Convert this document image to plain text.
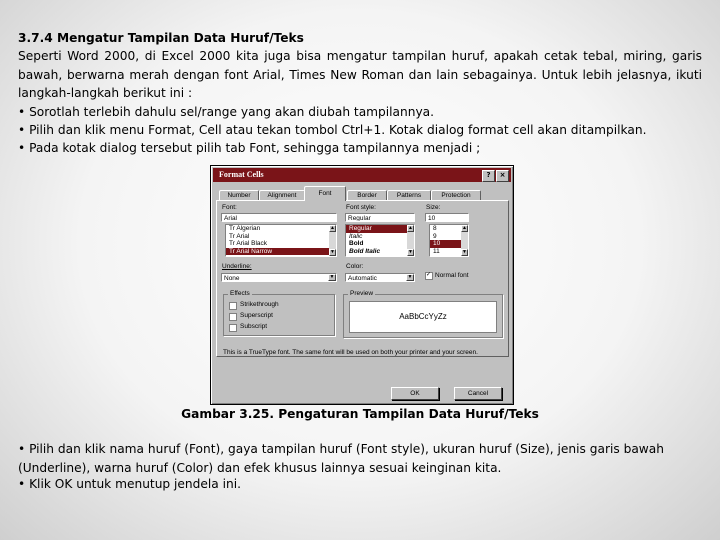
3.7.4 Mengatur Tampilan Data Huruf/Teks
Seperti Word 2000, di Excel 2000 kita juga bisa mengatur tampilan huruf, apakah cetak tebal, miring, garis bawah, berwarna merah dengan font Arial, Times New Roman dan lain sebagainya. Untuk lebih jelasnya, ikuti langkah-langkah berikut ini :
• Sorotlah terlebih dahulu sel/range yang akan diubah tampilannya.
• Pilih dan klik menu Format, Cell atau tekan tombol Ctrl+1. Kotak dialog format cell akan ditampilkan.
• Pada kotak dialog tersebut pilih tab Font, sehingga tampilannya menjadi ;
Format Cells	?	×
Number	Alignment	Font	Border	Patterns	Protection
Font:
Arial
Tr Algerian
Tr Arial
Tr Arial Black
Tr Arial Narrow
▲
▼
Font style:
Regular
Regular
Italic
Bold
Bold Italic
▲
▼
Size:
10
8
9
10
11
▲
▼
Underline:
None	▼
Color:
Automatic	▼
✓	Normal font
Effects
Strikethrough
Superscript
Subscript
Preview
AaBbCcYyZz
This is a TrueType font. The same font will be used on both your printer and your screen.
OK	Cancel
Gambar 3.25. Pengaturan Tampilan Data Huruf/Teks
• Pilih dan klik nama huruf (Font), gaya tampilan huruf (Font style), ukuran huruf (Size), jenis garis bawah (Underline), warna huruf (Color) dan efek khusus lainnya sesuai keinginan kita.
• Klik OK untuk menutup jendela ini.
